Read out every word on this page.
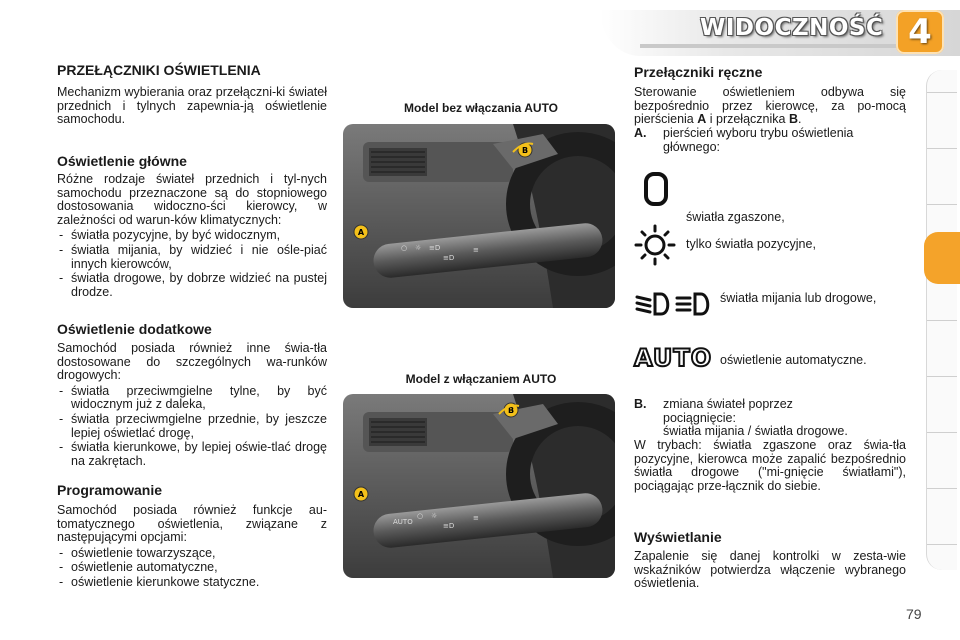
WIDOCZNOŚĆ 4
PRZEŁĄCZNIKI OŚWIETLENIA

Mechanizm wybierania oraz przełączni-ki świateł przednich i tylnych zapewnia-ją oświetlenie samochodu.

Oświetlenie główne

Różne rodzaje świateł przednich i tyl-nych samochodu przeznaczone są do stopniowego dostosowania widoczno-ści kierowcy, w zależności od warun-ków klimatycznych:

- światła pozycyjne, by być widocznym,
- światła mijania, by widzieć i nie ośle-piać innych kierowców,
- światła drogowe, by dobrze widzieć na pustej drodze.
Oświetlenie dodatkowe

Samochód posiada również inne świa-tła dostosowane do szczególnych wa-runków drogowych:

- światła przeciwmgielne tylne, by być widocznym już z daleka,
- światła przeciwmgielne przednie, by jeszcze lepiej oświetlać drogę,
- światła kierunkowe, by lepiej oświe-tlać drogę na zakrętach.
Programowanie

Samochód posiada również funkcje au-tomatycznego oświetlenia, związane z następującymi opcjami:

- oświetlenie towarzyszące,
- oświetlenie automatyczne,
- oświetlenie kierunkowe statyczne.
Model bez włączania AUTO
○ ☼ ≡D
≡D
≡
A
B
Model z włączaniem AUTO
AUTO
○ ☼
≡D
≡
A
B
Przełączniki ręczne

Sterowanie oświetleniem odbywa się bezpośrednio przez kierowcę, za po-mocą pierścienia A i przełącznika B.

A. pierścień wyboru trybu oświetlenia głównego:

światła zgaszone,
tylko światła pozycyjne,
światła mijania lub drogowe,
AUTO oświetlenie automatyczne.
B. zmiana świateł poprzez pociągnięcie:

światła mijania / światła drogowe.

W trybach: światła zgaszone oraz świa-tła pozycyjne, kierowca może zapalić bezpośrednio światła drogowe ("mi-gnięcie światłami"), pociągając prze-łącznik do siebie.

Wyświetlanie

Zapalenie się danej kontrolki w zesta-wie wskaźników potwierdza włączenie wybranego oświetlenia.

79
